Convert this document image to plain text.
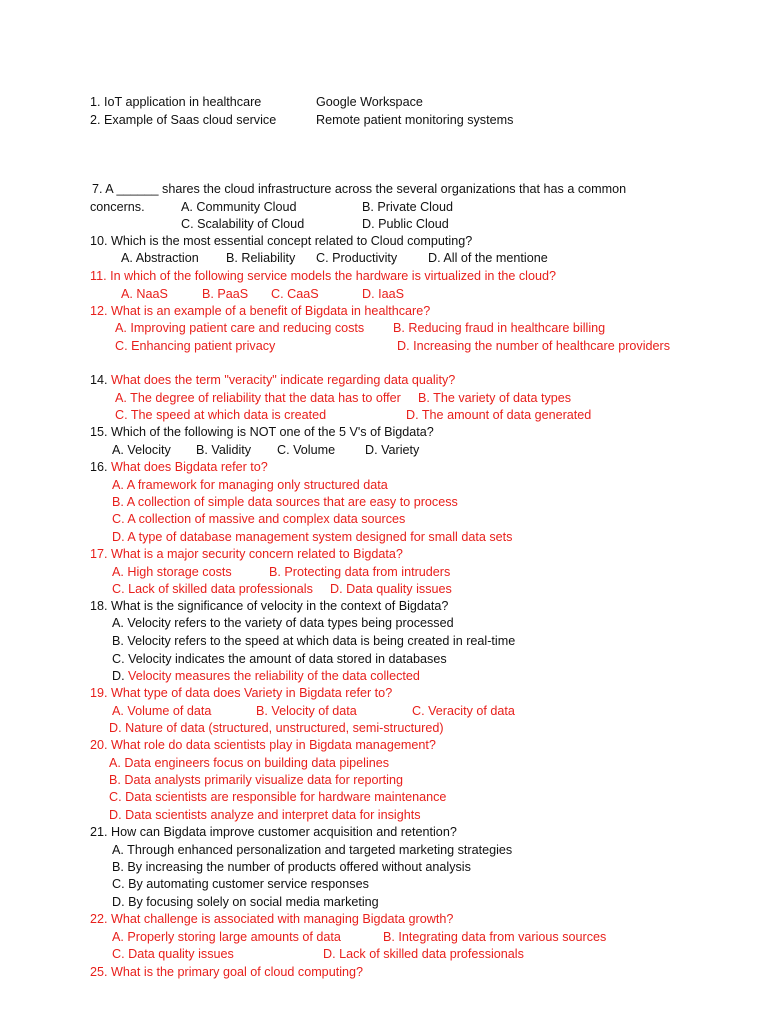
1. IoT application in healthcare	Google Workspace
2. Example of Saas cloud service	Remote patient monitoring systems
7. A ______ shares the cloud infrastructure across the several organizations that has a common
concerns.	A. Community Cloud	B. Private Cloud
C. Scalability of Cloud	D. Public Cloud
10. Which is the most essential concept related to Cloud computing?
A. Abstraction B. Reliability C. Productivity D. All of the mentione
11. In which of the following service models the hardware is virtualized in the cloud?
A. NaaS	B. PaaS C. CaaS	D. IaaS
12. What is an example of a benefit of Bigdata in healthcare?
A. Improving patient care and reducing costs B. Reducing fraud in healthcare billing
C. Enhancing patient privacy	D. Increasing the number of healthcare providers
14. What does the term "veracity" indicate regarding data quality?
A. The degree of reliability that the data has to offer B. The variety of data types
C. The speed at which data is created	D. The amount of data generated
15. Which of the following is NOT one of the 5 V's of Bigdata?
A. Velocity B. Validity C. Volume D. Variety
16. What does Bigdata refer to?
A. A framework for managing only structured data
B. A collection of simple data sources that are easy to process
C. A collection of massive and complex data sources
D. A type of database management system designed for small data sets
17. What is a major security concern related to Bigdata?
A. High storage costs	B. Protecting data from intruders
C. Lack of skilled data professionals D. Data quality issues
18. What is the significance of velocity in the context of Bigdata?
A. Velocity refers to the variety of data types being processed
B. Velocity refers to the speed at which data is being created in real-time
C. Velocity indicates the amount of data stored in databases
D. Velocity measures the reliability of the data collected
19. What type of data does Variety in Bigdata refer to?
A. Volume of data	B. Velocity of data	C. Veracity of data
D. Nature of data (structured, unstructured, semi-structured)
20. What role do data scientists play in Bigdata management?
A. Data engineers focus on building data pipelines
B. Data analysts primarily visualize data for reporting
C. Data scientists are responsible for hardware maintenance
D. Data scientists analyze and interpret data for insights
21. How can Bigdata improve customer acquisition and retention?
A. Through enhanced personalization and targeted marketing strategies
B. By increasing the number of products offered without analysis
C. By automating customer service responses
D. By focusing solely on social media marketing
22. What challenge is associated with managing Bigdata growth?
A. Properly storing large amounts of data	B. Integrating data from various sources
C. Data quality issues	D. Lack of skilled data professionals
25. What is the primary goal of cloud computing?
